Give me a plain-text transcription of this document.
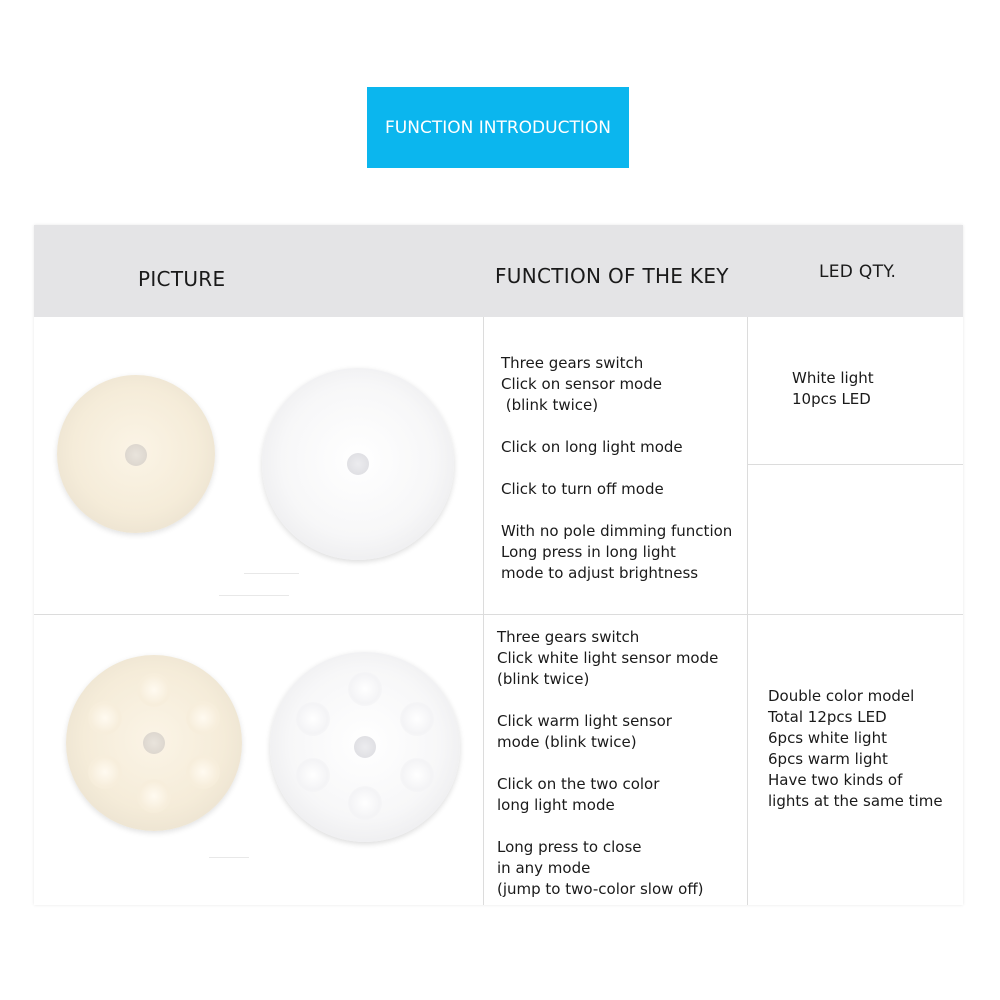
FUNCTION INTRODUCTION
PICTURE	FUNCTION OF THE KEY	LED QTY.
Three gears switch
Click on sensor mode
(blink twice)

Click on long light mode

Click to turn off mode

With no pole dimming function
Long press in long light
mode to adjust brightness
White light
10pcs LED
Three gears switch
Click white light sensor mode
(blink twice)

Click warm light sensor
mode (blink twice)

Click on the two color
long light mode

Long press to close
in any mode
(jump to two-color slow off)
Double color model
Total 12pcs LED
6pcs white light
6pcs warm light
Have two kinds of
lights at the same time
